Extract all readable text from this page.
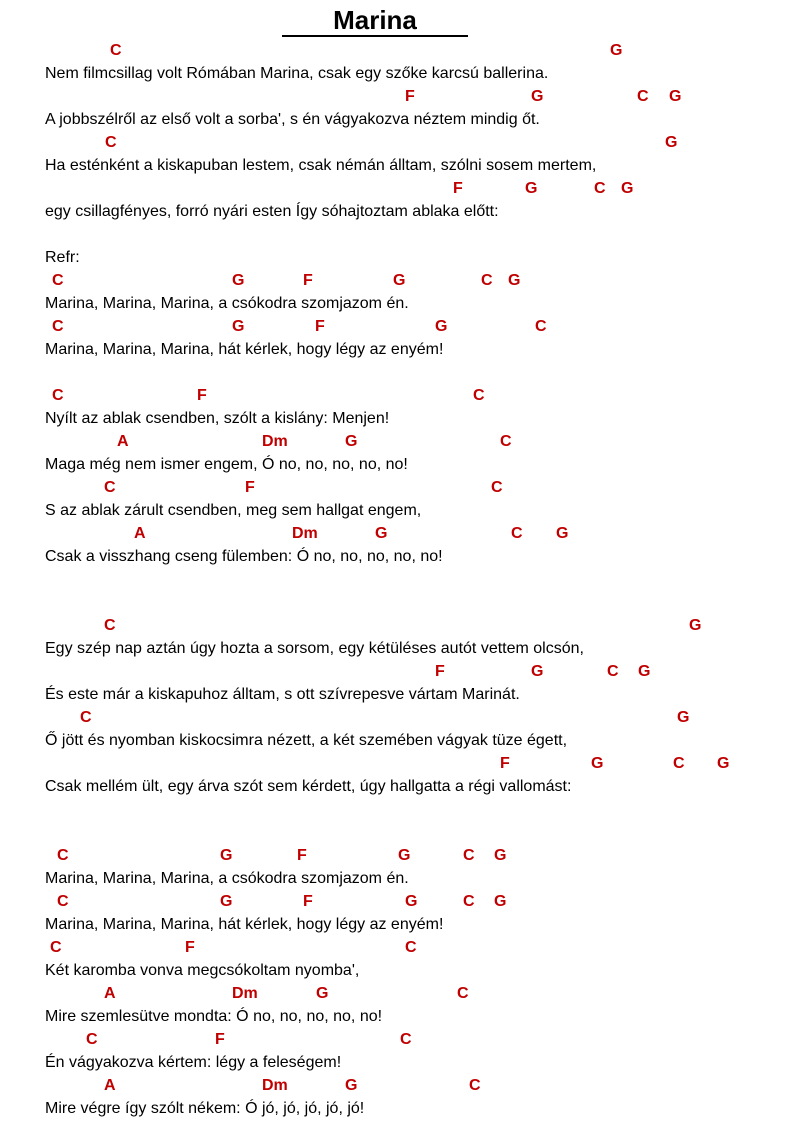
Marina
C	G
Nem filmcsillag volt Rómában Marina, csak egy szőke karcsú ballerina.
F	G	C G
A jobbszélről az első volt a sorba', s én vágyakozva néztem mindig őt.
C	G
Ha esténként a kiskapuban lestem, csak némán álltam, szólni sosem mertem,
F	G	C G
egy csillagfényes, forró nyári esten Így sóhajtoztam ablaka előtt:
Refr:
C	G	F	G	C G
Marina, Marina, Marina, a csókodra szomjazom én.
C	G	F	G	C
Marina, Marina, Marina, hát kérlek, hogy légy az enyém!
C	F	C
Nyílt az ablak csendben, szólt a kislány: Menjen!
A	Dm	G	C
Maga még nem ismer engem, Ó no, no, no, no, no!
C	F	C
S az ablak zárult csendben, meg sem hallgat engem,
A	Dm	G	C G
Csak a visszhang cseng fülemben: Ó no, no, no, no, no!
C	G
Egy szép nap aztán úgy hozta a sorsom, egy kétüléses autót vettem olcsón,
F	G	C G
És este már a kiskapuhoz álltam, s ott szívrepesve vártam Marinát.
C	G
Ő jött és nyomban kiskocsimra nézett, a két szemében vágyak tüze égett,
F	G	C G
Csak mellém ült, egy árva szót sem kérdett, úgy hallgatta a régi vallomást:
C	G	F	G	C G
Marina, Marina, Marina, a csókodra szomjazom én.
C	G	F	G	C G
Marina, Marina, Marina, hát kérlek, hogy légy az enyém!
C	F	C
Két karomba vonva megcsókoltam nyomba',
A	Dm	G	C
Mire szemlesütve mondta: Ó no, no, no, no, no!
C	F	C
Én vágyakozva kértem: légy a feleségem!
A	Dm	G	C
Mire végre így szólt nékem: Ó jó, jó, jó, jó, jó!
